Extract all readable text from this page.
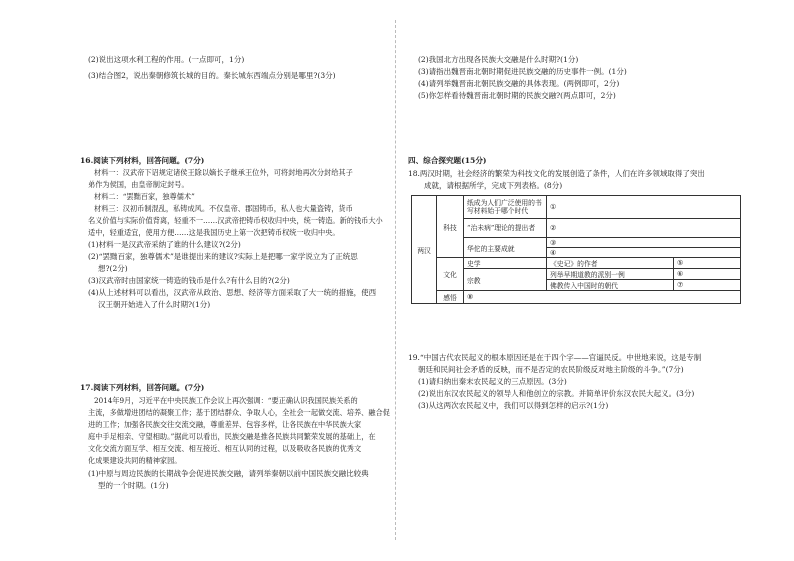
(2)说出这项水利工程的作用。(一点即可，1分)
(3)结合图2，说出秦朝修筑长城的目的。秦长城东西端点分别是哪里?(3分)
16.阅读下列材料，回答问题。(7分)
材料一：汉武帝下诏规定诸侯王除以嫡长子继承王位外，可将封地再次分封给其子
弟作为侯国，由皇帝制定封号。
材料二：“罢黜百家，独尊儒术”
材料三：汉初币制混乱，私铸成风。不仅皇帝、郡国铸币，私人也大量盗铸，货币
名义价值与实际价值背离，轻重不一……汉武帝把铸币权收归中央，统一铸造。新的钱币大小
适中，轻重适宜，使用方便……这是我国历史上第一次把铸币权统一收归中央。
(1)材料一是汉武帝采纳了谁的什么建议?(2分)
(2)“罢黜百家，独尊儒术”是谁提出来的建议?实际上是把哪一家学说立为了正统思
想?(2分)
(3)汉武帝时由国家统一铸造的钱币是什么?有什么目的?(2分)
(4)从上述材料可以看出，汉武帝从政治、思想、经济等方面采取了大一统的措施，使西
汉王朝开始进入了什么时期?(1分)
17.阅读下列材料，回答问题。(7分)
2014年9月，习近平在中央民族工作会议上再次强调：“要正确认识我国民族关系的
主流，多做增进团结的凝聚工作；基于团结群众、争取人心，全社会一起做交流、培养、融合促
进的工作；加强各民族交往交流交融，尊重差异、包容多样，让各民族在中华民族大家
庭中手足相亲、守望相助。”据此可以看出，民族交融是推各民族共同繁荣发展的基础上，在
文化交流方面互学、相互交流、相互接近、相互认同的过程，以及吸收各民族的优秀文
化成果建设共同的精神家园。
(1)中原与周边民族的长期战争会促进民族交融，请列举秦朝以前中国民族交融比较典
型的一个时期。(1分)
(2)我国北方出现各民族大交融是什么时期?(1分)
(3)请指出魏晋南北朝时期促进民族交融的历史事件一例。(1分)
(4)请列举魏晋南北朝民族交融的具体表现。(两例即可，2分)
(5)你怎样看待魏晋南北朝时期的民族交融?(两点即可，2分)
四、综合探究题(15分)
18.两汉时期，社会经济的繁荣为科技文化的发展创造了条件，人们在许多领域取得了突出
成就，请根据所学，完成下列表格。(8分)
19.“中国古代农民起义的根本原因还是在于四个字——官逼民反。中世地来说，这是专制
朝廷和民间社会矛盾的反映，而不是否定的农民阶级反对地主阶级的斗争。”(7分)
(1)请归纳出秦末农民起义的三点原因。(3分)
(2)说出东汉农民起义的领导人和他创立的宗教。并简单评价东汉农民大起义。(3分)
(3)从这两次农民起义中，我们可以得到怎样的启示?(1分)
两汉	科技	纸成为人们广泛使用的书写材料始于哪个时代	①	
		“治未病”理论的提出者	②	
		华佗的主要成就	③	
			④	
	文化	史学	《史记》的作者	⑤
		宗教	列举早期道教的派别一例	⑥
			佛教传入中国时的朝代	⑦
	感悟	⑧		
